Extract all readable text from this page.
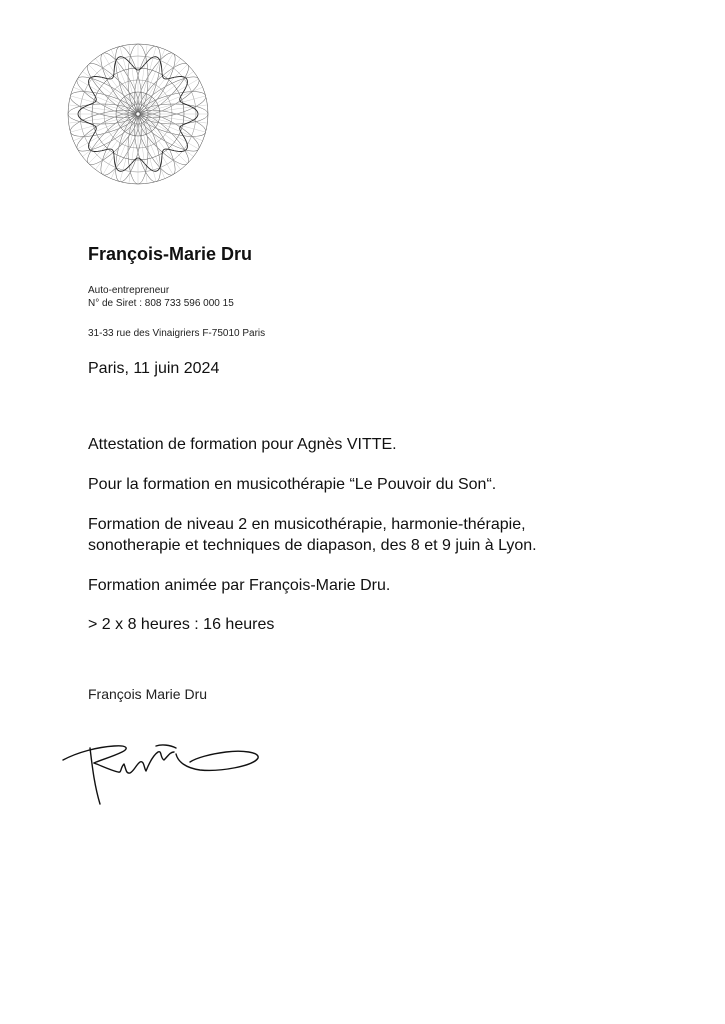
François-Marie Dru
Auto-entrepreneur
N° de Siret : 808 733 596 000 15
31-33 rue des Vinaigriers F-75010 Paris
Paris, 11 juin 2024
Attestation de formation pour Agnès VITTE.
Pour la formation en musicothérapie “Le Pouvoir du Son“.
Formation de niveau 2 en musicothérapie, harmonie-thérapie,
sonotherapie et techniques de diapason, des 8 et 9 juin à Lyon.
Formation animée par François-Marie Dru.
> 2 x 8 heures : 16 heures
François Marie Dru
